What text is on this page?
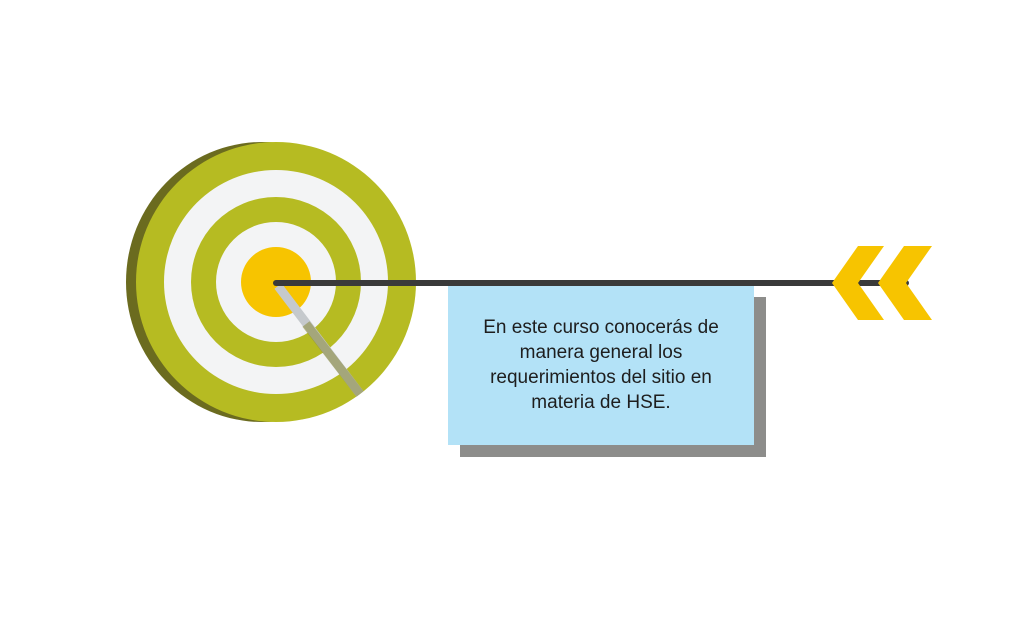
En este curso conocerás de manera general los requerimientos del sitio en materia de HSE.
